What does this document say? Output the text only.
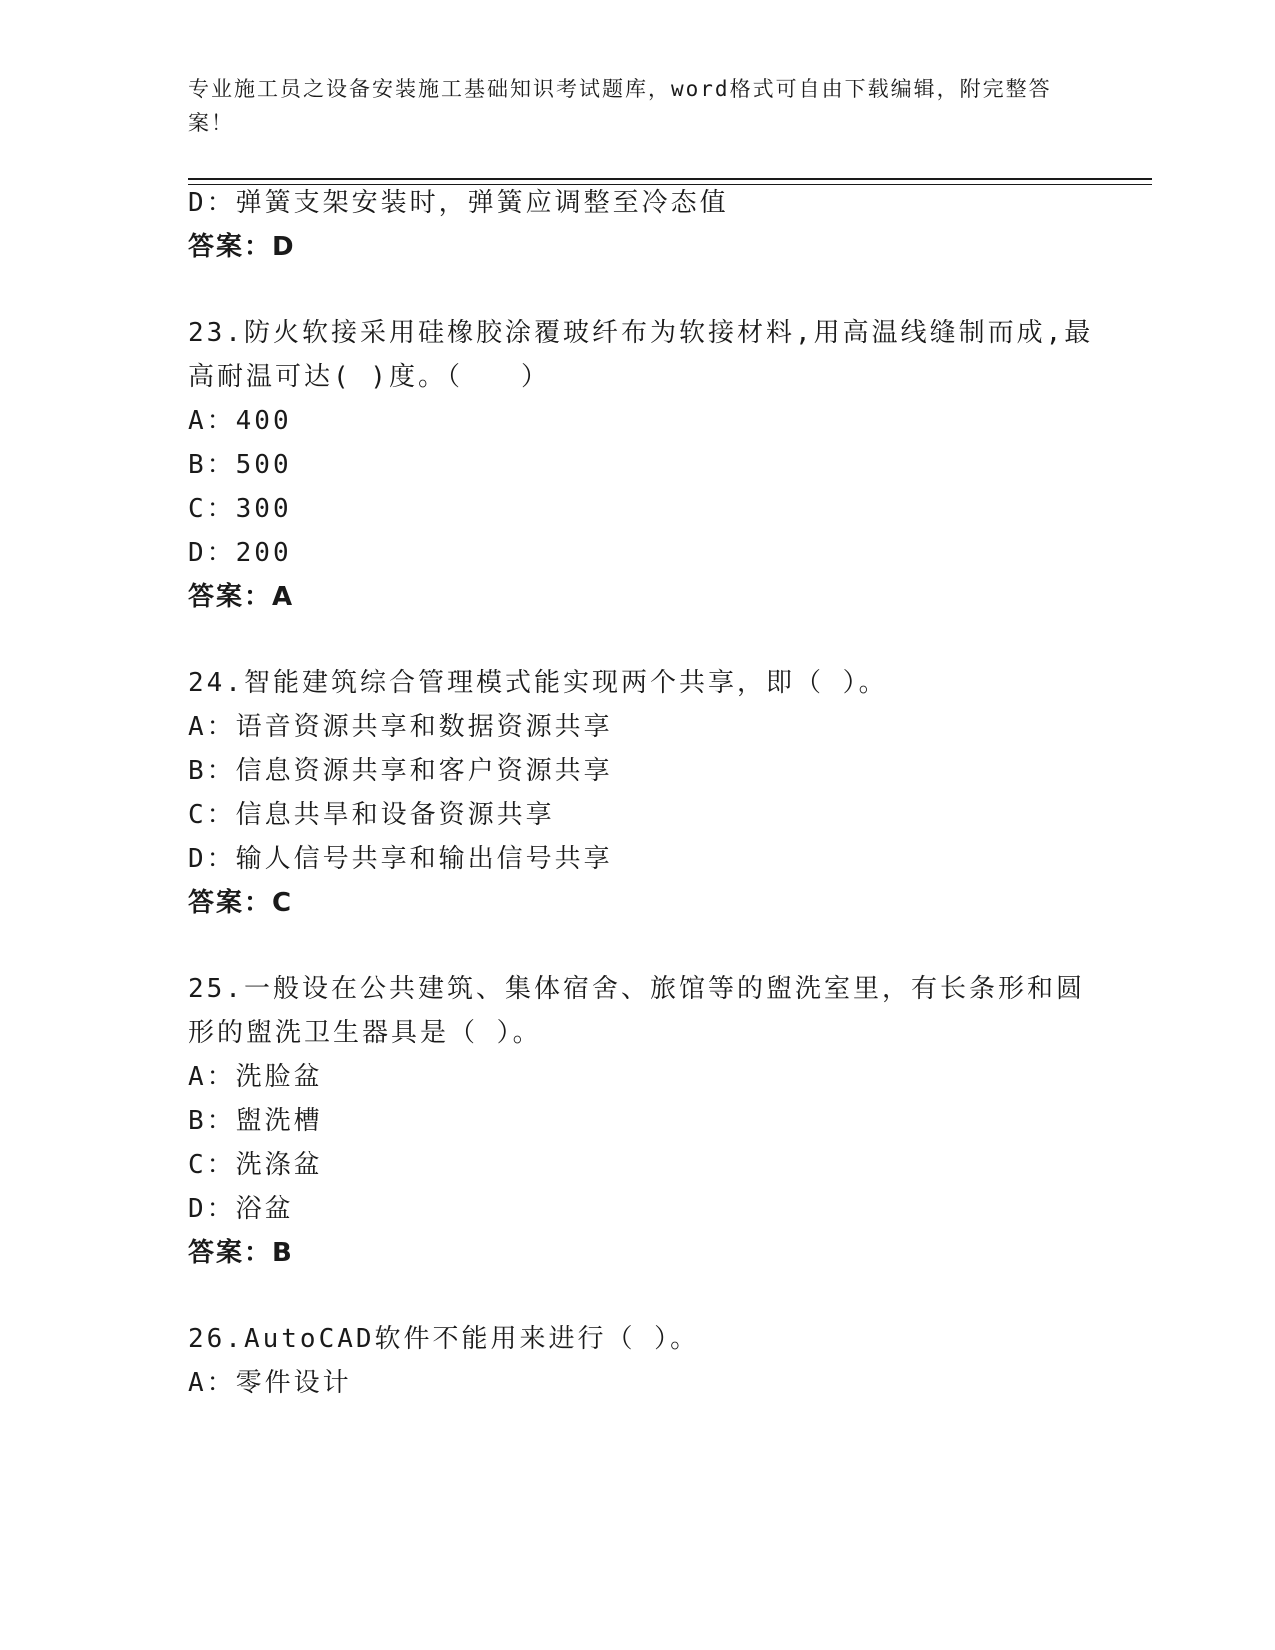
专业施工员之设备安装施工基础知识考试题库，word格式可自由下载编辑，附完整答案！
D：弹簧支架安装时，弹簧应调整至冷态值
答案：D
23.防火软接采用硅橡胶涂覆玻纤布为软接材料,用高温线缝制而成,最
高耐温可达( )度。（　　）
A：400
B：500
C：300
D：200
答案：A
24.智能建筑综合管理模式能实现两个共享，即（ ）。
A：语音资源共享和数据资源共享
B：信息资源共享和客户资源共享
C：信息共旱和设备资源共享
D：输人信号共享和输出信号共享
答案：C
25.一般设在公共建筑、集体宿舍、旅馆等的盥洗室里，有长条形和圆
形的盥洗卫生器具是（ ）。
A：洗脸盆
B：盥洗槽
C：洗涤盆
D：浴盆
答案：B
26.AutoCAD软件不能用来进行（ ）。
A：零件设计
